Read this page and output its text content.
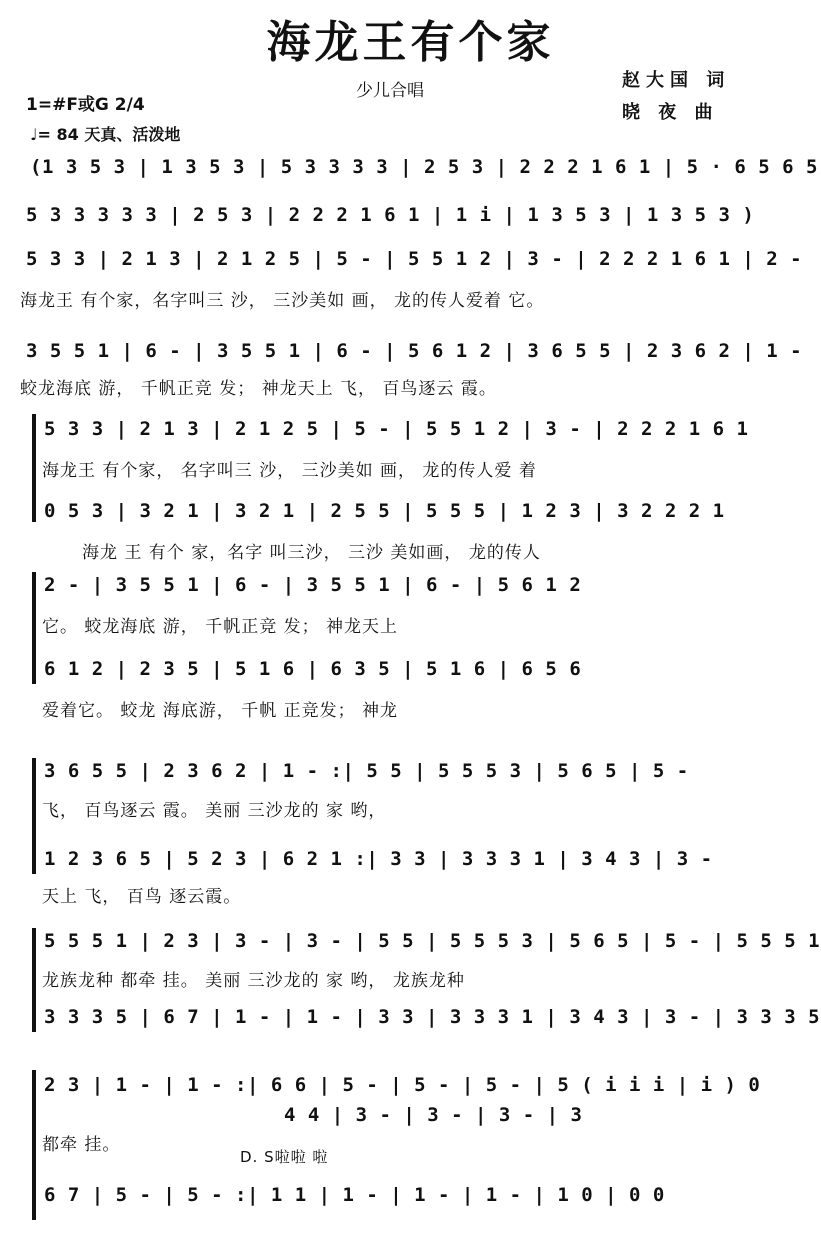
海龙王有个家
少儿合唱	赵大国 词
晓 夜 曲
1=#F或G 2/4
♩= 84 天真、活泼地
(1 3 5 3 | 1 3 5 3 | 5 3 3 3 3 | 2 5 3 | 2 2 2 1 6 1 | 5 · 6 5 6 5
5 3 3 3 3 3 | 2 5 3 | 2 2 2 1 6 1 | 1 i | 1 3 5 3 | 1 3 5 3 )
5 3 3 | 2 1 3 | 2 1 2 5 | 5 - | 5 5 1 2 | 3 - | 2 2 2 1 6 1 | 2 -
海龙王 有个家，名字叫三 沙， 三沙美如 画， 龙的传人爱着 它。
3 5 5 1 | 6 - | 3 5 5 1 | 6 - | 5 6 1 2 | 3 6 5 5 | 2 3 6 2 | 1 -
蛟龙海底 游， 千帆正竞 发； 神龙天上 飞， 百鸟逐云 霞。
5 3 3 | 2 1 3 | 2 1 2 5 | 5 - | 5 5 1 2 | 3 - | 2 2 2 1 6 1
海龙王 有个家， 名字叫三 沙， 三沙美如 画， 龙的传人爱 着
0 5 3 | 3 2 1 | 3 2 1 | 2 5 5 | 5 5 5 | 1 2 3 | 3 2 2 2 1
海龙 王 有个 家，名字 叫三沙， 三沙 美如画， 龙的传人
2 - | 3 5 5 1 | 6 - | 3 5 5 1 | 6 - | 5 6 1 2
它。 蛟龙海底 游， 千帆正竞 发； 神龙天上
6 1 2 | 2 3 5 | 5 1 6 | 6 3 5 | 5 1 6 | 6 5 6
爱着它。 蛟龙 海底游， 千帆 正竞发； 神龙
3 6 5 5 | 2 3 6 2 | 1 - :| 5 5 | 5 5 5 3 | 5 6 5 | 5 -
飞， 百鸟逐云 霞。 美丽 三沙龙的 家 哟，
1 2 3 6 5 | 5 2 3 | 6 2 1 :| 3 3 | 3 3 3 1 | 3 4 3 | 3 -
天上 飞， 百鸟 逐云霞。
5 5 5 1 | 2 3 | 3 - | 3 - | 5 5 | 5 5 5 3 | 5 6 5 | 5 - | 5 5 5 1
龙族龙种 都牵 挂。 美丽 三沙龙的 家 哟， 龙族龙种
3 3 3 5 | 6 7 | 1 - | 1 - | 3 3 | 3 3 3 1 | 3 4 3 | 3 - | 3 3 3 5
2 3 | 1 - | 1 - :| 6 6 | 5 - | 5 - | 5 - | 5 ( i i i | i ) 0
4 4 | 3 - | 3 - | 3 - | 3
都牵 挂。
D. S啦啦 啦
6 7 | 5 - | 5 - :| 1 1 | 1 - | 1 - | 1 - | 1 0 | 0 0
